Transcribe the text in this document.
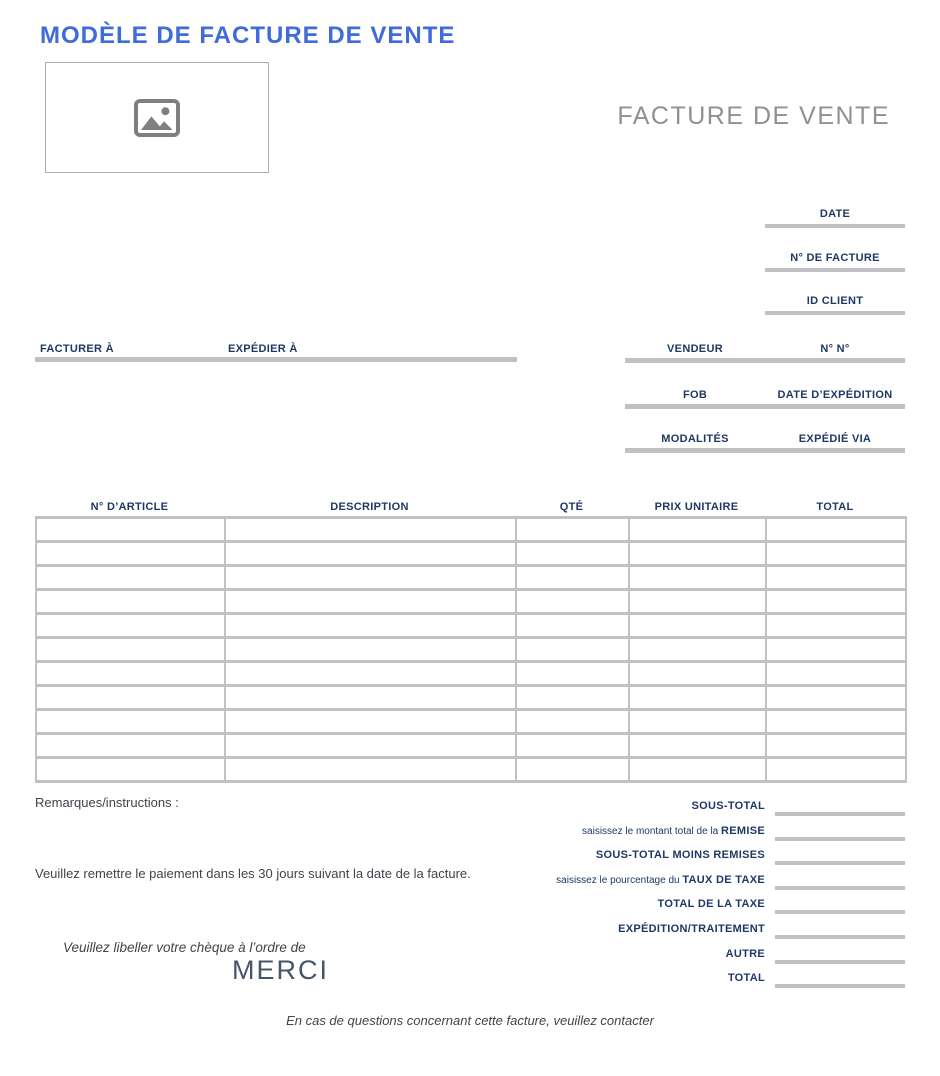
MODÈLE DE FACTURE DE VENTE
FACTURE DE VENTE
DATE
N° DE FACTURE
ID CLIENT
FACTURER À	EXPÉDIER À	VENDEUR	N° N°
FOB	DATE D’EXPÉDITION
MODALITÉS	EXPÉDIÉ VIA
N° D’ARTICLE	DESCRIPTION	QTÉ	PRIX UNITAIRE	TOTAL

SOUS-TOTAL
saisissez le montant total de la REMISE
SOUS-TOTAL MOINS REMISES
saisissez le pourcentage du TAUX DE TAXE
TOTAL DE LA TAXE
EXPÉDITION/TRAITEMENT
AUTRE
TOTAL
Remarques/instructions :
Veuillez remettre le paiement dans les 30 jours suivant la date de la facture.
Veuillez libeller votre chèque à l’ordre de
MERCI
En cas de questions concernant cette facture, veuillez contacter
